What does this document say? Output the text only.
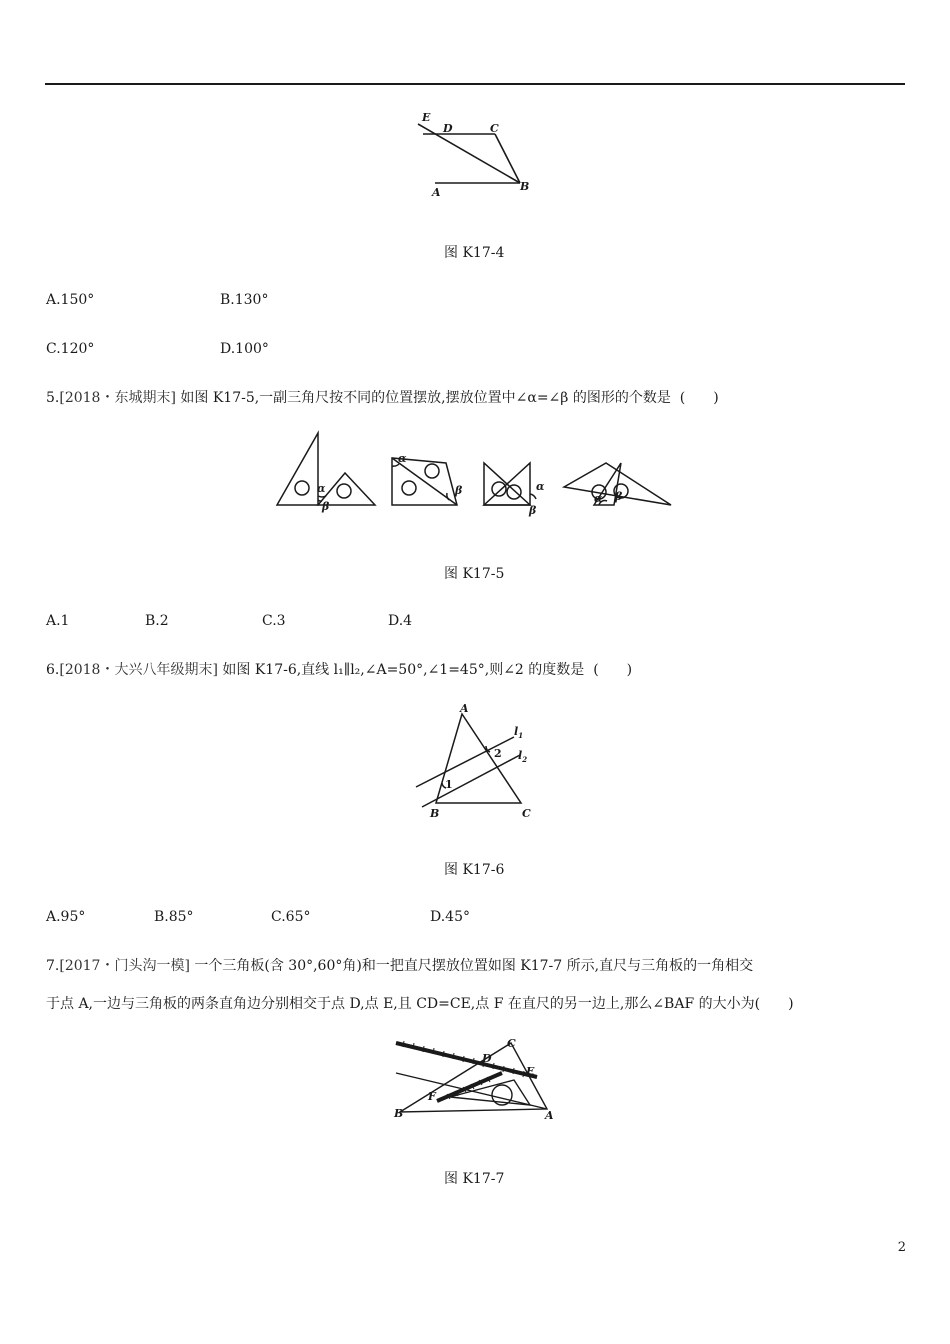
E
D	C
A	B
图 K17-4
A.150°	B.130°
C.120°	D.100°
5.[2018・东城期末] 如图 K17-5,一副三角尺按不同的位置摆放,摆放位置中∠α=∠β 的图形的个数是 (　　)
α
β
α
β	α
β
α β
图 K17-5
A.1	B.2	C.3	D.4
6.[2018・大兴八年级期末] 如图 K17-6,直线 l₁∥l₂,∠A=50°,∠1=45°,则∠2 的度数是 (　　)
A
B	C
$l_1$
$l_2$
1
2
图 K17-6
A.95°	B.85°	C.65°	D.45°
7.[2017・门头沟一模] 一个三角板(含 30°,60°角)和一把直尺摆放位置如图 K17-7 所示,直尺与三角板的一角相交
于点 A,一边与三角板的两条直角边分别相交于点 D,点 E,且 CD=CE,点 F 在直尺的另一边上,那么∠BAF 的大小为(　　)
C
D
E
F
B	A
图 K17-7
2
